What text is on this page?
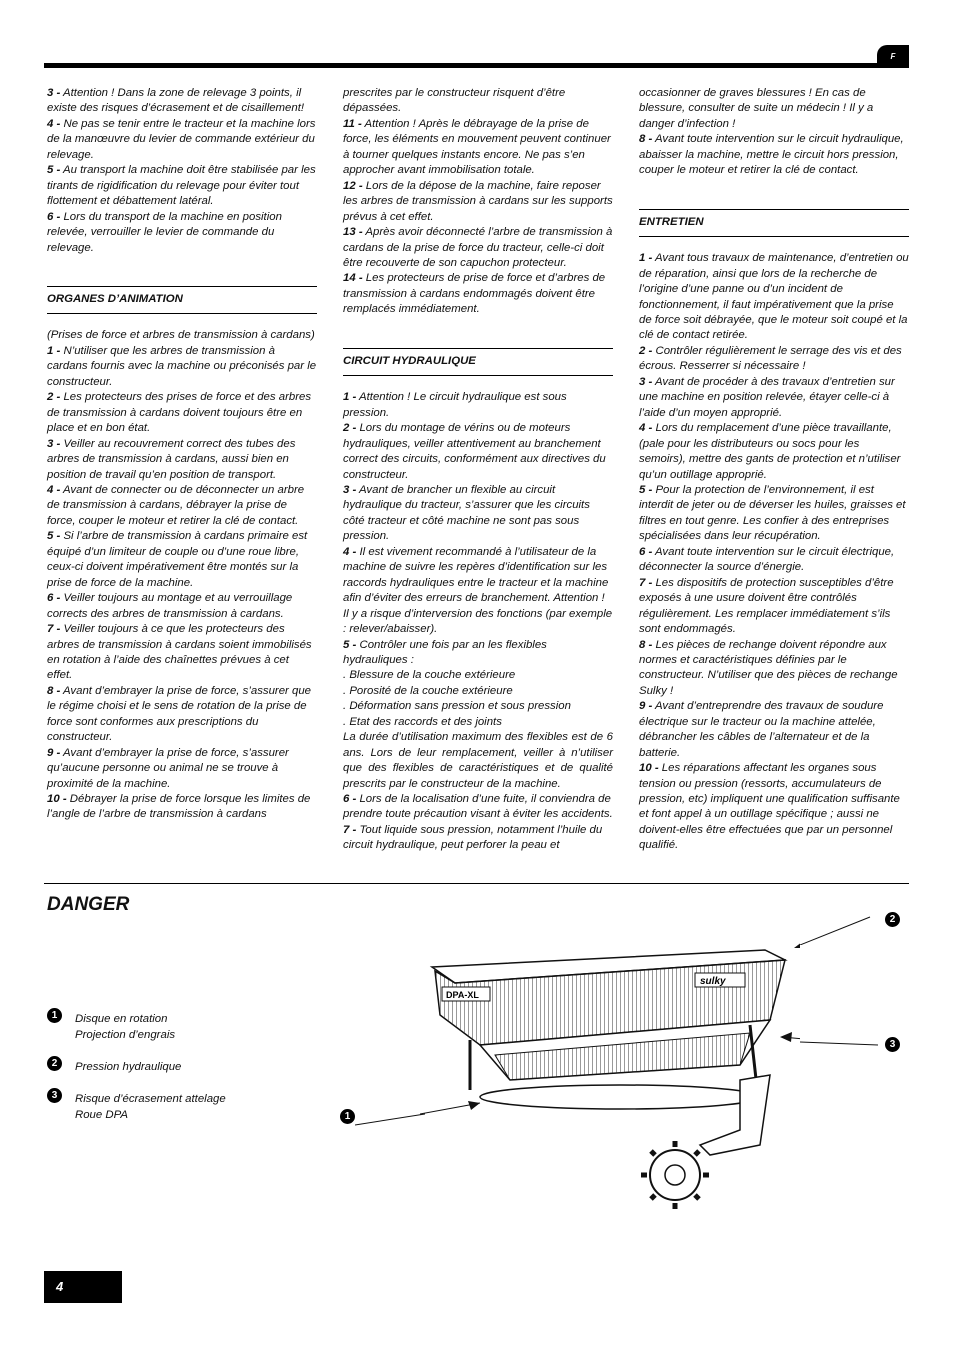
F

3 - Attention ! Dans la zone de relevage 3 points, il existe des risques d’écrasement et de cisaillement!

4 - Ne pas se tenir entre le tracteur et la machine lors de la manœuvre du levier de commande extérieur du relevage.

5 - Au transport la machine doit être stabilisée par les tirants de rigidification du relevage pour éviter tout flottement et débattement latéral.

6 - Lors du transport de la machine en position relevée, verrouiller le levier de commande du relevage.

ORGANES D’ANIMATION

(Prises de force et arbres de transmission à cardans)

1 - N’utiliser que les arbres de transmission à cardans fournis avec la machine ou préconisés par le constructeur.

2 - Les protecteurs des prises de force et des arbres de transmission à cardans doivent toujours être en place et en bon état.

3 - Veiller au recouvrement correct des tubes des arbres de transmission à cardans, aussi bien en position de travail qu’en position de transport.

4 - Avant de connecter ou de déconnecter un arbre de transmission à cardans, débrayer la prise de force, couper le moteur et retirer la clé de contact.

5 - Si l’arbre de transmission à cardans primaire est équipé d’un limiteur de couple ou d’une roue libre, ceux-ci doivent impérativement être montés sur la prise de force de la machine.

6 - Veiller toujours au montage et au verrouillage corrects des arbres de transmission à cardans.

7 - Veiller toujours à ce que les protecteurs des arbres de transmission à cardans soient immobilisés en rotation à l’aide des chaînettes prévues à cet effet.

8 - Avant d’embrayer la prise de force, s’assurer que le régime choisi et le sens de rotation de la prise de force sont conformes aux prescriptions du constructeur.

9 - Avant d’embrayer la prise de force, s’assurer qu’aucune personne ou animal ne se trouve à proximité de la machine.

10 - Débrayer la prise de force lorsque les limites de l’angle de l’arbre de transmission à cardans

prescrites par le constructeur risquent d’être dépassées.

11 - Attention ! Après le débrayage de la prise de force, les éléments en mouvement peuvent continuer à tourner quelques instants encore. Ne pas s’en approcher avant immobilisation totale.

12 - Lors de la dépose de la machine, faire reposer les arbres de transmission à cardans sur les supports prévus à cet effet.

13 - Après avoir déconnecté l’arbre de transmission à cardans de la prise de force du tracteur, celle-ci doit être recouverte de son capuchon protecteur.

14 - Les protecteurs de prise de force et d’arbres de transmission à cardans endommagés doivent être remplacés immédiatement.

CIRCUIT HYDRAULIQUE

1 - Attention ! Le circuit hydraulique est sous pression.

2 - Lors du montage de vérins ou de moteurs hydrauliques, veiller attentivement au branchement correct des circuits, conformément aux directives du constructeur.

3 - Avant de brancher un flexible au circuit hydraulique du tracteur, s’assurer que les circuits côté tracteur et côté machine ne sont pas sous pression.

4 - Il est vivement recommandé à l’utilisateur de la machine de suivre les repères d’identification sur les raccords hydrauliques entre le tracteur et la machine afin d’éviter des erreurs de branchement. Attention ! Il y a risque d’interversion des fonctions (par exemple : relever/abaisser).

5 - Contrôler une fois par an les flexibles hydrauliques :

. Blessure de la couche extérieure

. Porosité de la couche extérieure

. Déformation sans pression et sous pression

. Etat des raccords et des joints

La durée d’utilisation maximum des flexibles est de 6 ans. Lors de leur remplacement, veiller à n’utiliser que des flexibles de caractéristiques et de qualité prescrits par le constructeur de la machine.

6 - Lors de la localisation d’une fuite, il conviendra de prendre toute précaution visant à éviter les accidents.

7 - Tout liquide sous pression, notamment l’huile du circuit hydraulique, peut perforer la peau et

occasionner de graves blessures ! En cas de blessure, consulter de suite un médecin ! Il y a danger d’infection !

8 - Avant toute intervention sur le circuit hydraulique, abaisser la machine, mettre le circuit hors pression, couper le moteur et retirer la clé de contact.

ENTRETIEN

1 - Avant tous travaux de maintenance, d’entretien ou de réparation, ainsi que lors de la recherche de l’origine d’une panne ou d’un incident de fonctionnement, il faut impérativement que la prise de force soit débrayée, que le moteur soit coupé et la clé de contact retirée.

2 - Contrôler régulièrement le serrage des vis et des écrous. Resserrer si nécessaire !

3 - Avant de procéder à des travaux d’entretien sur une machine en position relevée, étayer celle-ci à l’aide d’un moyen approprié.

4 - Lors du remplacement d’une pièce travaillante, (pale pour les distributeurs ou socs pour les semoirs), mettre des gants de protection et n’utiliser qu’un outillage approprié.

5 - Pour la protection de l’environnement, il est interdit de jeter ou de déverser les huiles, graisses et filtres en tout genre. Les confier à des entreprises spécialisées dans leur récupération.

6 - Avant toute intervention sur le circuit électrique, déconnecter la source d’énergie.

7 - Les dispositifs de protection susceptibles d’être exposés à une usure doivent être contrôlés régulièrement. Les remplacer immédiatement s’ils sont endommagés.

8 - Les pièces de rechange doivent répondre aux normes et caractéristiques définies par le constructeur. N’utiliser que des pièces de rechange Sulky !

9 - Avant d’entreprendre des travaux de soudure électrique sur le tracteur ou la machine attelée, débrancher les câbles de l’alternateur et de la batterie.

10 - Les réparations affectant les organes sous tension ou pression (ressorts, accumulateurs de pression, etc) impliquent une qualification suffisante et font appel à un outillage spécifique ; aussi ne doivent-elles être effectuées que par un personnel qualifié.

DANGER
1	Disque en rotation
Projection d’engrais
2	Pression hydraulique
3	Risque d’écrasement attelage
Roue DPA
DPA-XL
sulky
1
2
3
4
